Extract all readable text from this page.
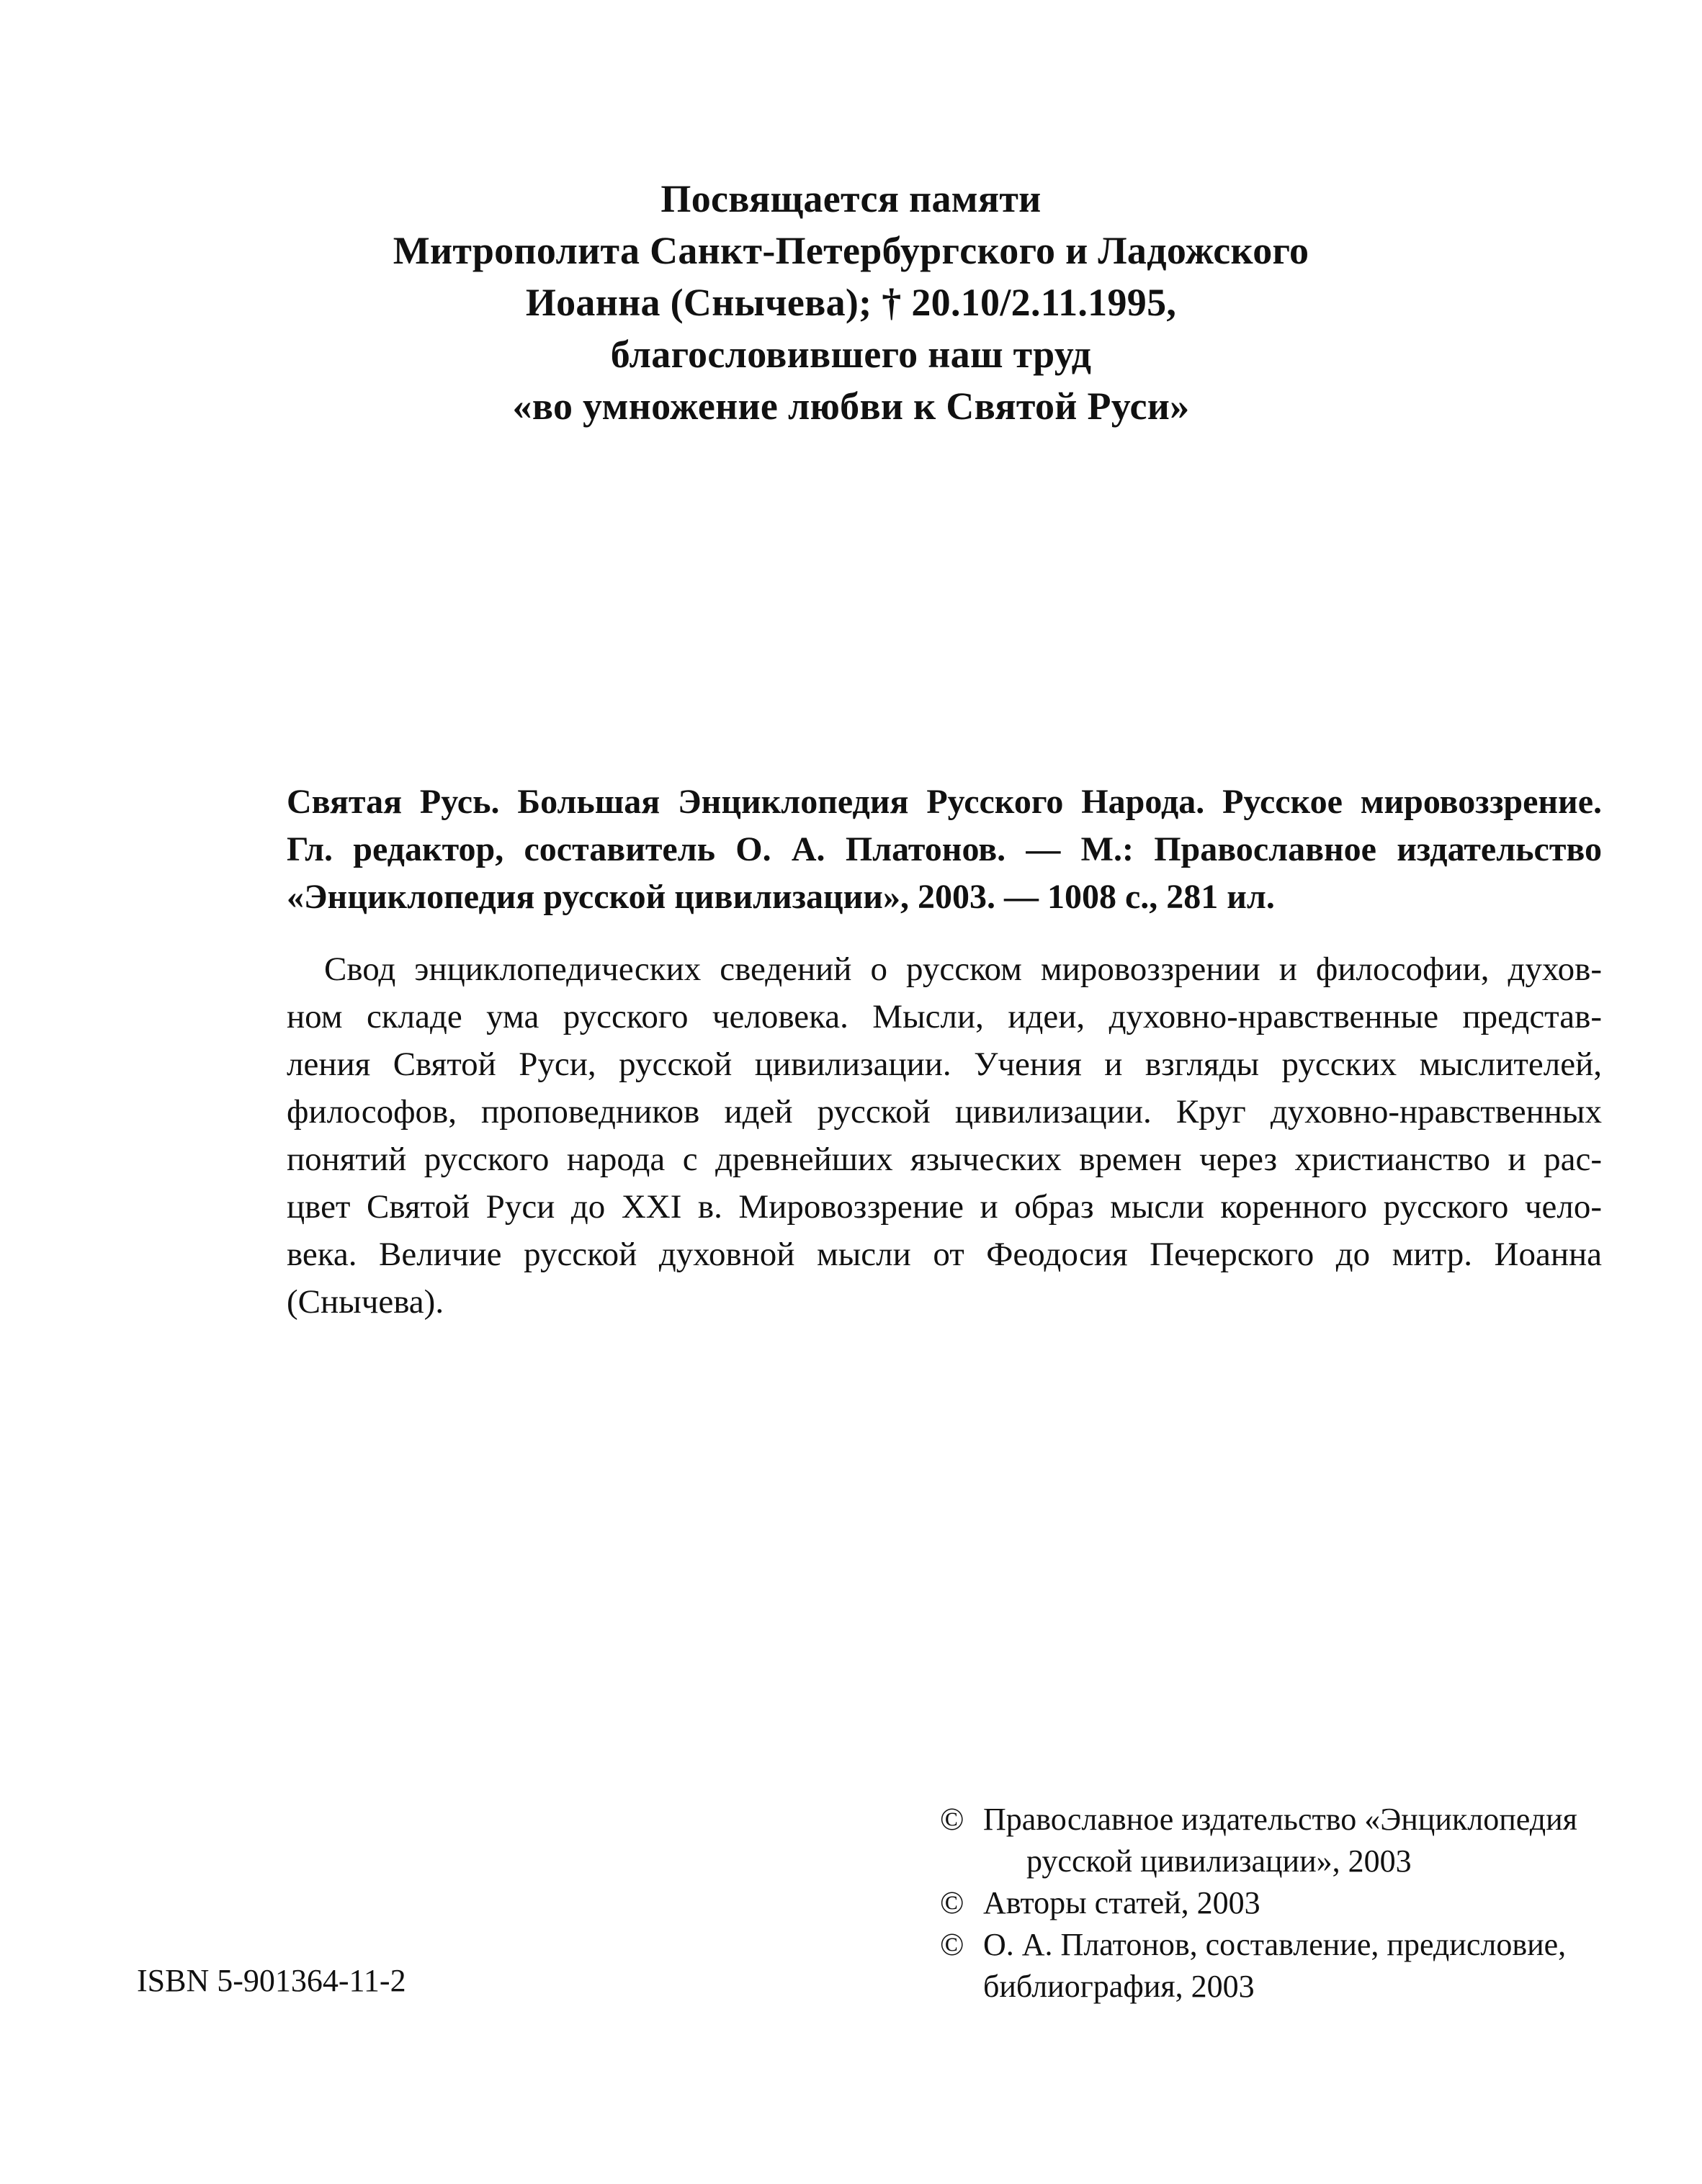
Посвящается памяти
Митрополита Санкт-Петербургского и Ладожского
Иоанна (Снычева); † 20.10/2.11.1995,
благословившего наш труд
«во умножение любви к Святой Руси»
Святая Русь. Большая Энциклопедия Русского Народа. Русское мировоззрение.
Гл. редактор, составитель О. А. Платонов. — М.: Православное издательство
«Энциклопедия русской цивилизации», 2003. — 1008 с., 281 ил.
Свод энциклопедических сведений о русском мировоззрении и философии, духов-
ном складе ума русского человека. Мысли, идеи, духовно-нравственные представ-
ления Святой Руси, русской цивилизации. Учения и взгляды русских мыслителей,
философов, проповедников идей русской цивилизации. Круг духовно-нравственных
понятий русского народа с древнейших языческих времен через христианство и рас-
цвет Святой Руси до XXI в. Мировоззрение и образ мысли коренного русского чело-
века. Величие русской духовной мысли от Феодосия Печерского до митр. Иоанна
(Снычева).
© Православное издательство «Энциклопедия
русской цивилизации», 2003
© Авторы статей, 2003
© О. А. Платонов, составление, предисловие,
библиография, 2003
ISBN 5-901364-11-2
